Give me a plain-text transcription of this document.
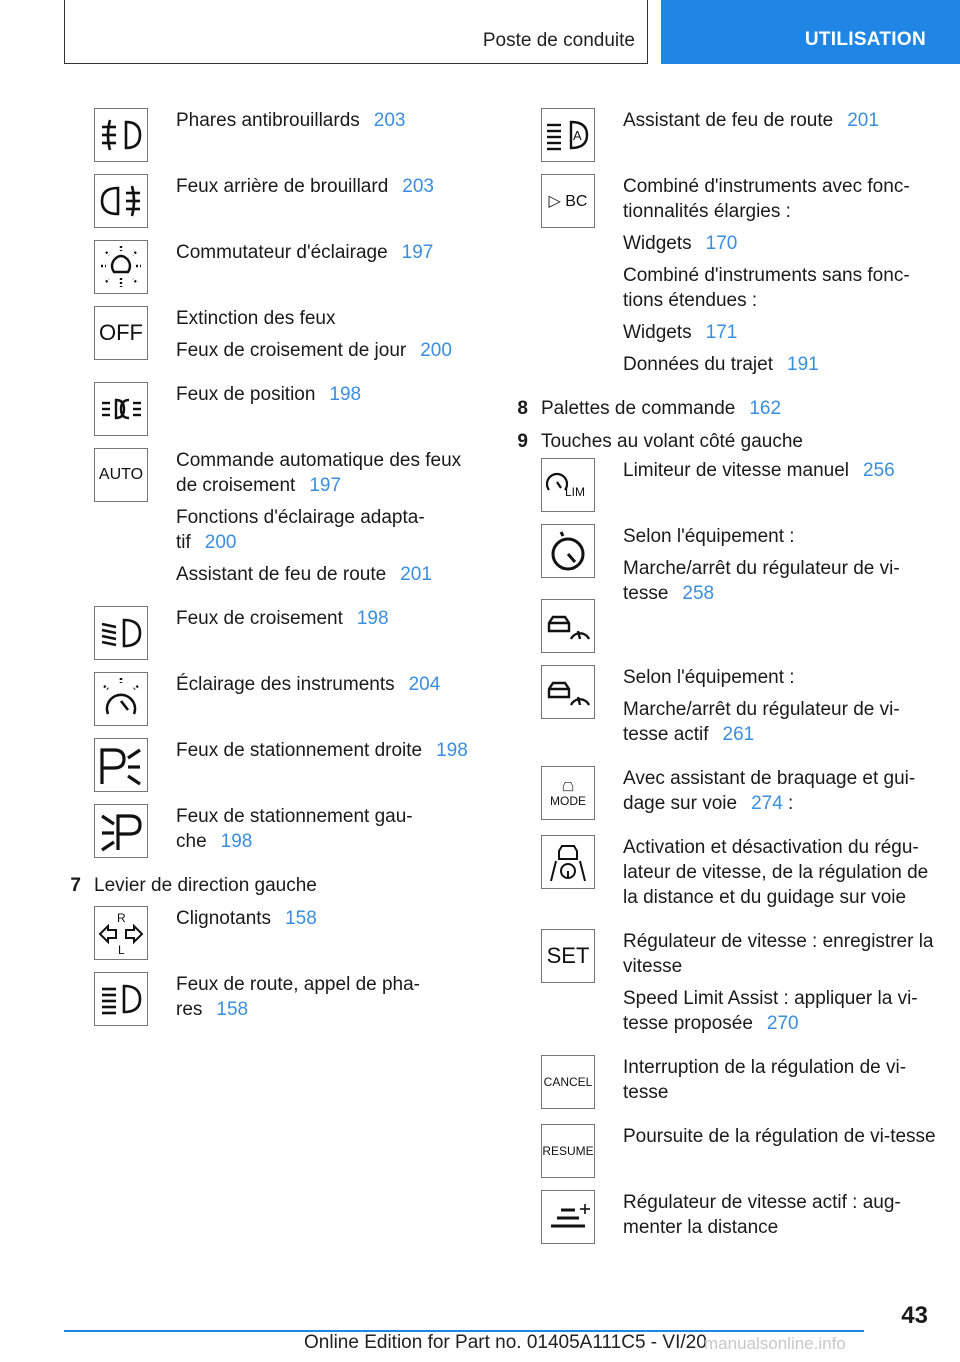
Poste de conduite	UTILISATION

Phares antibrouillards 203

Feux arrière de brouillard 203

Commutateur d'éclairage 197

OFF

Extinction des feux

Feux de croisement de jour 200

Feux de position 198

AUTO

Commande automatique des feux de croisement 197

Fonctions d'éclairage adapta-tif 200

Assistant de feu de route 201

Feux de croisement 198

Éclairage des instruments 204

Feux de stationnement droite 198

Feux de stationnement gau-che 198

7 Levier de direction gauche
R
L

Clignotants 158

Feux de route, appel de pha-res 158

A

Assistant de feu de route 201

▷ BC

Combiné d'instruments avec fonc-tionnalités élargies :

Widgets 170

Combiné d'instruments sans fonc-tions étendues :

Widgets 171

Données du trajet 191

8 Palettes de commande 162
9 Touches au volant côté gauche
LIM

Limiteur de vitesse manuel 256

Selon l'équipement :

Marche/arrêt du régulateur de vi-tesse 258

Selon l'équipement :

Marche/arrêt du régulateur de vi-tesse actif 261

MODE

Avec assistant de braquage et gui-dage sur voie 274 :

Activation et désactivation du régu-lateur de vitesse, de la régulation de la distance et du guidage sur voie

SET

Régulateur de vitesse : enregistrer la vitesse

Speed Limit Assist : appliquer la vi-tesse proposée 270

CANCEL

Interruption de la régulation de vi-tesse

RESUME

Poursuite de la régulation de vi-tesse

Régulateur de vitesse actif : aug-menter la distance

43
Online Edition for Part no. 01405A111C5 - VI/20
manualsonline.info
